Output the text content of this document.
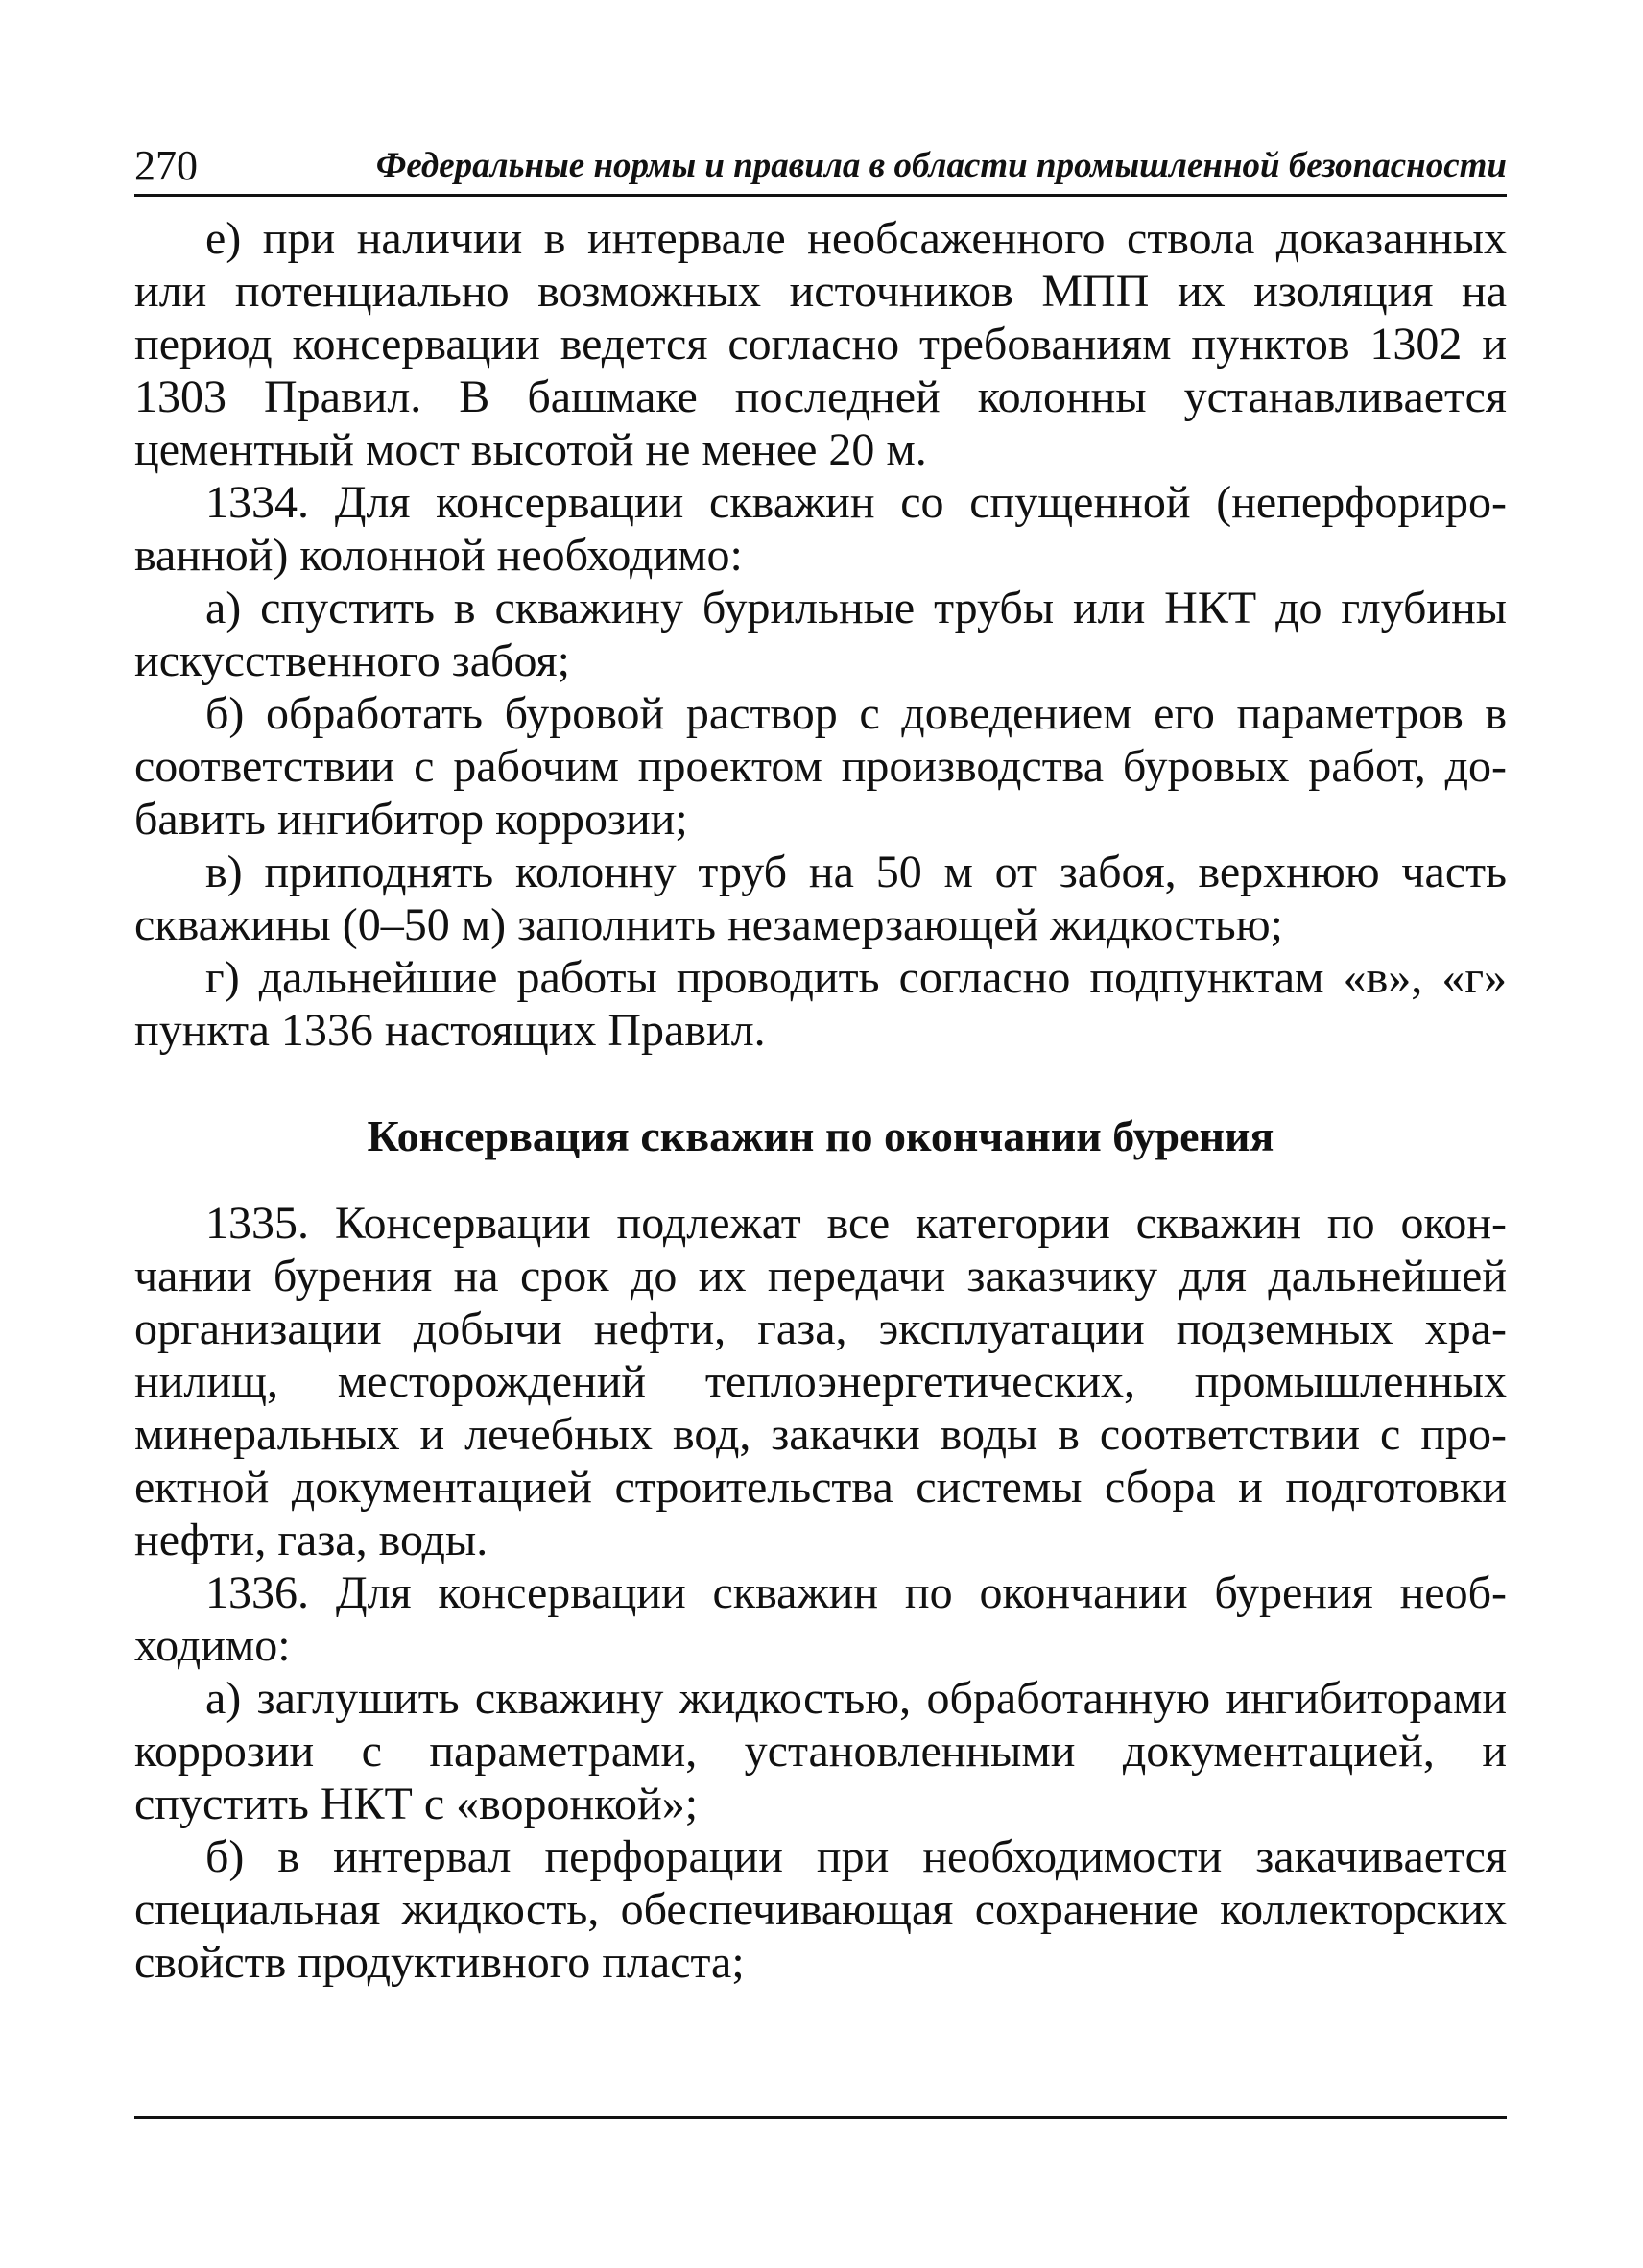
270	Федеральные нормы и правила в области промышленной безопасности

е) при наличии в интервале необсаженного ствола доказанных или потенциально возможных источников МПП их изоляция на период консервации ведется согласно требованиям пунктов 1302 и 1303 Правил. В башмаке последней колонны устанавливается цементный мост высотой не менее 20 м.

1334. Для консервации скважин со спущенной (неперфорированной) колонной необходимо:

а) спустить в скважину бурильные трубы или НКТ до глубины искусственного забоя;

б) обработать буровой раствор с доведением его параметров в соответствии с рабочим проектом производства буровых работ, добавить ингибитор коррозии;

в) приподнять колонну труб на 50 м от забоя, верхнюю часть скважины (0–50 м) заполнить незамерзающей жидкостью;

г) дальнейшие работы проводить согласно подпунктам «в», «г» пункта 1336 настоящих Правил.

Консервация скважин по окончании бурения

1335. Консервации подлежат все категории скважин по окончании бурения на срок до их передачи заказчику для дальнейшей организации добычи нефти, газа, эксплуатации подземных хранилищ, месторождений теплоэнергетических, промышленных минеральных и лечебных вод, закачки воды в соответствии с проектной документацией строительства системы сбора и подготовки нефти, газа, воды.

1336. Для консервации скважин по окончании бурения необходимо:

а) заглушить скважину жидкостью, обработанную ингибиторами коррозии с параметрами, установленными документацией, и спустить НКТ с «воронкой»;

б) в интервал перфорации при необходимости закачивается специальная жидкость, обеспечивающая сохранение коллекторских свойств продуктивного пласта;
